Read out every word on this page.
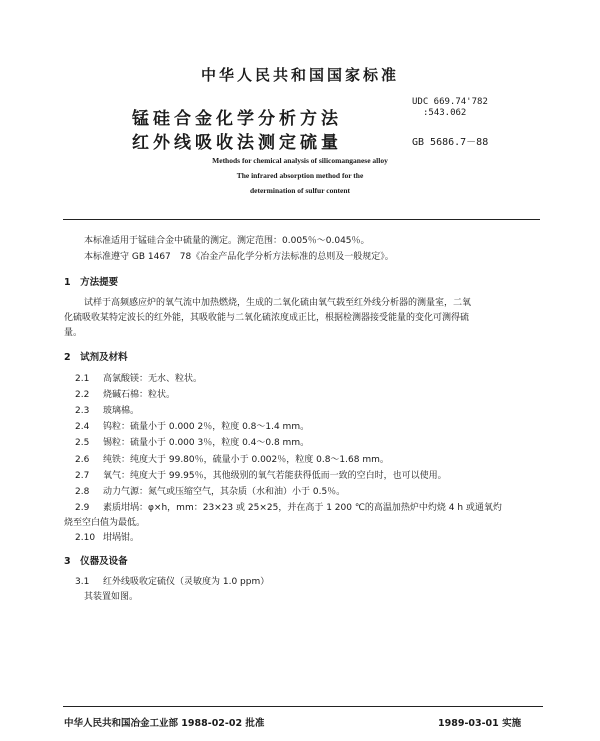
中华人民共和国国家标准
锰硅合金化学分析方法
红外线吸收法测定硫量
UDC 669.74'782
:543.062
GB 5686.7－88
Methods for chemical analysis of silicomanganese alloy
The infrared absorption method for the
determination of sulfur content
本标准适用于锰硅合金中硫量的测定。测定范围：0.005％～0.045％。
本标准遵守 GB 1467　78《冶金产品化学分析方法标准的总则及一般规定》。
1　方法提要
试样于高频感应炉的氧气流中加热燃烧，生成的二氧化硫由氧气载至红外线分析器的测量室，二氧
化硫吸收某特定波长的红外能，其吸收能与二氧化硫浓度成正比，根据检测器接受能量的变化可测得硫
量。
2　试剂及材料
2.1 高氯酸镁：无水、粒状。
2.2 烧碱石棉：粒状。
2.3 玻璃棉。
2.4 钨粒：硫量小于 0.000 2％，粒度 0.8～1.4 mm。
2.5 锡粒：硫量小于 0.000 3％，粒度 0.4～0.8 mm。
2.6 纯铁：纯度大于 99.80％，硫量小于 0.002％，粒度 0.8～1.68 mm。
2.7 氧气：纯度大于 99.95％，其他级别的氧气若能获得低而一致的空白时，也可以使用。
2.8 动力气源：氮气或压缩空气，其杂质（水和油）小于 0.5％。
2.9 素质坩埚：φ×h，mm：23×23 或 25×25，并在高于 1 200 ℃的高温加热炉中灼烧 4 h 或通氧灼
烧至空白值为最低。
2.10 坩埚钳。
3　仪器及设备
3.1 红外线吸收定硫仪（灵敏度为 1.0 ppm）
其装置如图。
中华人民共和国冶金工业部 1988-02-02 批准	1989-03-01 实施
